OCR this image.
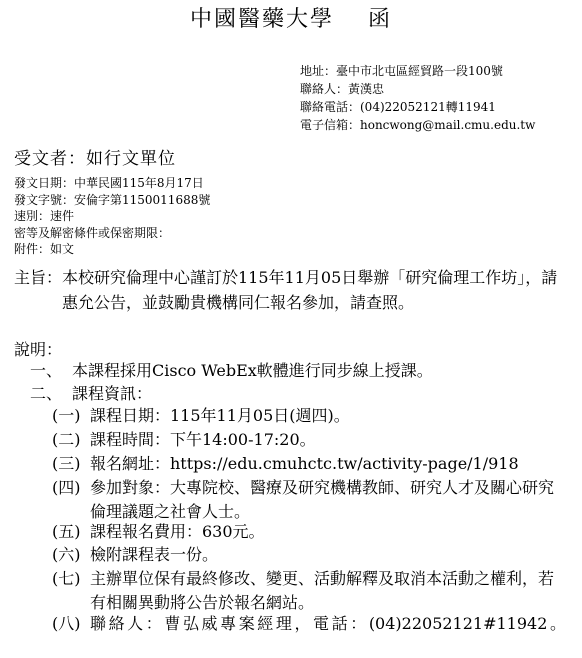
中國醫藥大學 函
地址：臺中市北屯區經貿路一段100號
聯絡人：黃漢忠
聯絡電話：(04)22052121轉11941
電子信箱：honcwong@mail.cmu.edu.tw
受文者：如行文單位
發文日期：中華民國115年8月17日
發文字號：安倫字第1150011688號
速別：速件
密等及解密條件或保密期限：
附件：如文
主旨： 本校研究倫理中心謹訂於115年11月05日舉辦「研究倫理工作坊」，請惠允公告，並鼓勵貴機構同仁報名參加，請查照。
說明：
一、 本課程採用Cisco WebEx軟體進行同步線上授課。
二、 課程資訊：
(一) 課程日期：115年11月05日(週四)。
(二) 課程時間：下午14:00-17:20。
(三) 報名網址：https://edu.cmuhctc.tw/activity-page/1/918
(四) 參加對象：大專院校、醫療及研究機構教師、研究人才及關心研究倫理議題之社會人士。
(五) 課程報名費用：630元。
(六) 檢附課程表一份。
(七) 主辦單位保有最終修改、變更、活動解釋及取消本活動之權利，若有相關異動將公告於報名網站。
(八) 聯絡人：曹弘威專案經理，電話：(04)22052121#11942。
